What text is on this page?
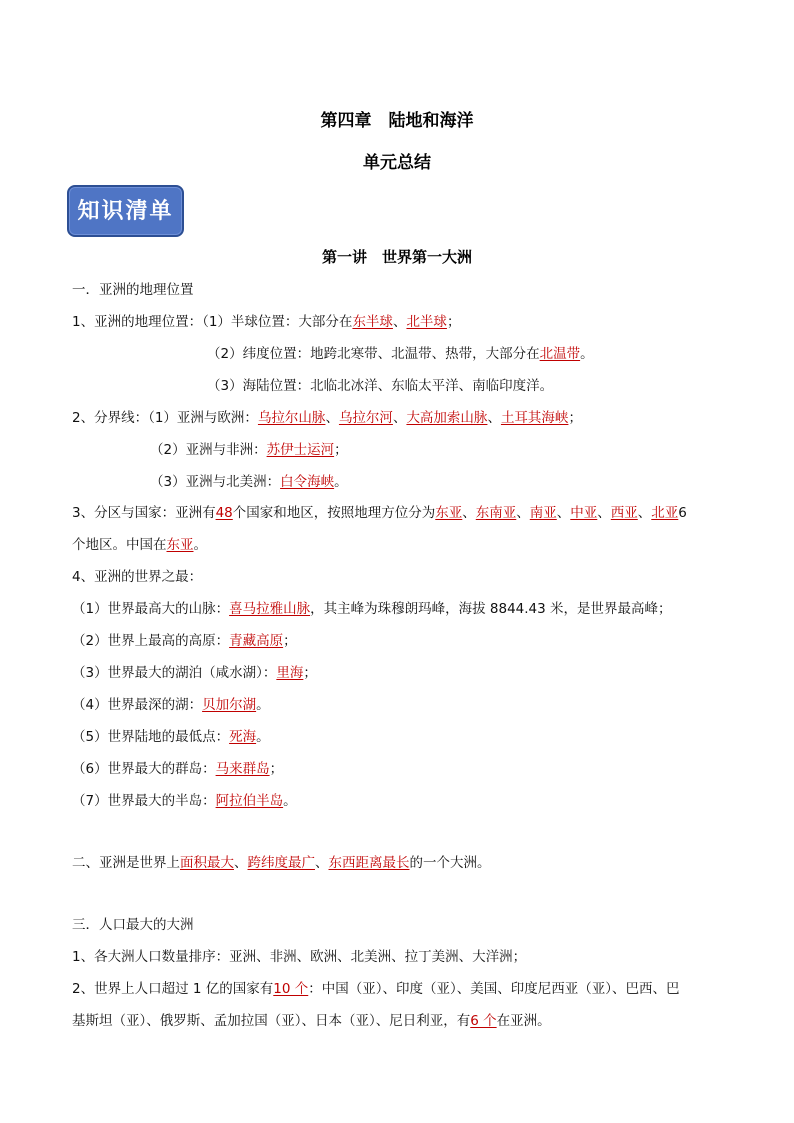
第四章　陆地和海洋
单元总结
知识清单
第一讲　世界第一大洲
一．亚洲的地理位置
1、亚洲的地理位置：（1）半球位置：大部分在东半球、北半球；
（2）纬度位置：地跨北寒带、北温带、热带，大部分在北温带。
（3）海陆位置：北临北冰洋、东临太平洋、南临印度洋。
2、分界线：（1）亚洲与欧洲：乌拉尔山脉、乌拉尔河、大高加索山脉、土耳其海峡；
（2）亚洲与非洲：苏伊士运河；
（3）亚洲与北美洲：白令海峡。
3、分区与国家：亚洲有48个国家和地区，按照地理方位分为东亚、东南亚、南亚、中亚、西亚、北亚6
个地区。中国在东亚。
4、亚洲的世界之最：
（1）世界最高大的山脉：喜马拉雅山脉，其主峰为珠穆朗玛峰，海拔 8844.43 米，是世界最高峰；
（2）世界上最高的高原：青藏高原；
（3）世界最大的湖泊（咸水湖）：里海；
（4）世界最深的湖：贝加尔湖。
（5）世界陆地的最低点：死海。
（6）世界最大的群岛：马来群岛；
（7）世界最大的半岛：阿拉伯半岛。
二、亚洲是世界上面积最大、跨纬度最广、东西距离最长的一个大洲。
三．人口最大的大洲
1、各大洲人口数量排序：亚洲、非洲、欧洲、北美洲、拉丁美洲、大洋洲；
2、世界上人口超过 1 亿的国家有10 个：中国（亚）、印度（亚）、美国、印度尼西亚（亚）、巴西、巴
基斯坦（亚）、俄罗斯、孟加拉国（亚）、日本（亚）、尼日利亚，有6 个在亚洲。
